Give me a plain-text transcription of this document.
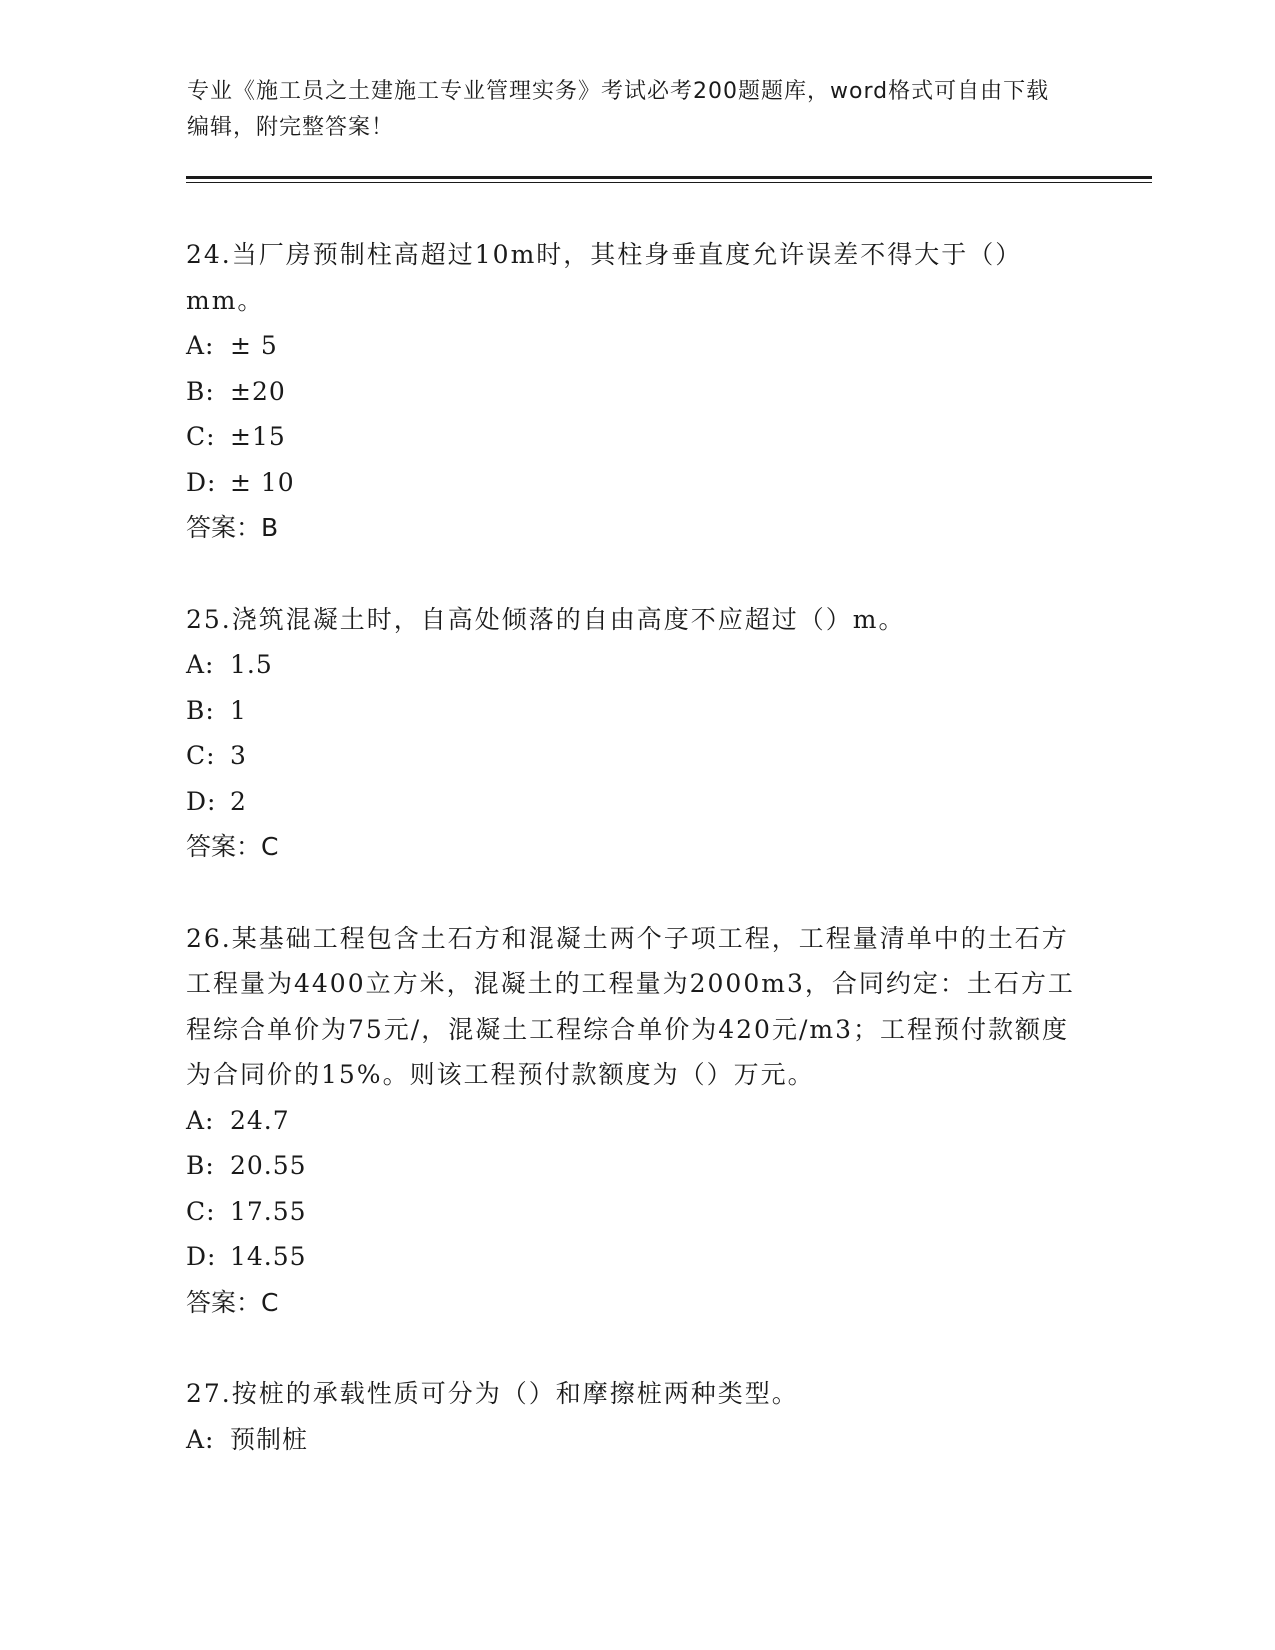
专业《施工员之土建施工专业管理实务》考试必考200题题库，word格式可自由下载编辑，附完整答案！

24.当厂房预制柱高超过10m时，其柱身垂直度允许误差不得大于（）mm。

A: ± 5

B: ±20

C: ±15

D: ± 10

答案：B

25.浇筑混凝土时，自高处倾落的自由高度不应超过（）m。

A: 1.5

B: 1

C: 3

D: 2

答案：C

26.某基础工程包含土石方和混凝土两个子项工程，工程量清单中的土石方工程量为4400立方米，混凝土的工程量为2000m3，合同约定：土石方工程综合单价为75元/，混凝土工程综合单价为420元/m3；工程预付款额度为合同价的15%。则该工程预付款额度为（）万元。

A: 24.7

B: 20.55

C: 17.55

D: 14.55

答案：C

27.按桩的承载性质可分为（）和摩擦桩两种类型。

A: 预制桩
